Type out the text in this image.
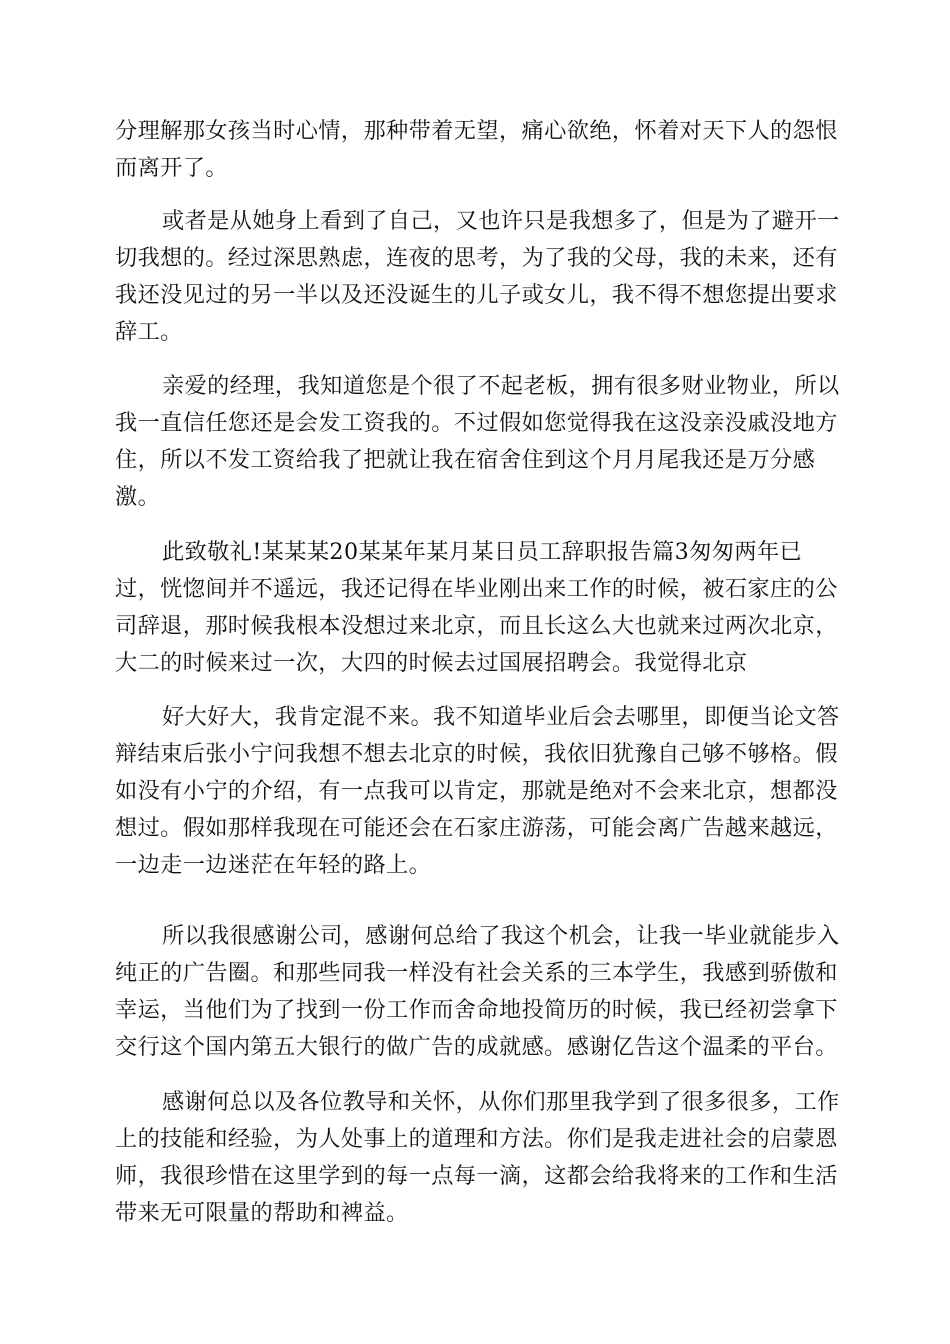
分理解那女孩当时心情，那种带着无望，痛心欲绝，怀着对天下人的怨恨
而离开了。

或者是从她身上看到了自己，又也许只是我想多了，但是为了避开一
切我想的。经过深思熟虑，连夜的思考，为了我的父母，我的未来，还有
我还没见过的另一半以及还没诞生的儿子或女儿，我不得不想您提出要求
辞工。

亲爱的经理，我知道您是个很了不起老板，拥有很多财业物业，所以
我一直信任您还是会发工资我的。不过假如您觉得我在这没亲没戚没地方
住，所以不发工资给我了把就让我在宿舍住到这个月月尾我还是万分感
激。

此致敬礼!某某某20某某年某月某日员工辞职报告篇3匆匆两年已
过，恍惚间并不遥远，我还记得在毕业刚出来工作的时候，被石家庄的公
司辞退，那时候我根本没想过来北京，而且长这么大也就来过两次北京，
大二的时候来过一次，大四的时候去过国展招聘会。我觉得北京

好大好大，我肯定混不来。我不知道毕业后会去哪里，即便当论文答
辩结束后张小宁问我想不想去北京的时候，我依旧犹豫自己够不够格。假
如没有小宁的介绍，有一点我可以肯定，那就是绝对不会来北京，想都没
想过。假如那样我现在可能还会在石家庄游荡，可能会离广告越来越远，
一边走一边迷茫在年轻的路上。

所以我很感谢公司，感谢何总给了我这个机会，让我一毕业就能步入
纯正的广告圈。和那些同我一样没有社会关系的三本学生，我感到骄傲和
幸运，当他们为了找到一份工作而舍命地投简历的时候，我已经初尝拿下
交行这个国内第五大银行的做广告的成就感。感谢亿告这个温柔的平台。

感谢何总以及各位教导和关怀，从你们那里我学到了很多很多，工作
上的技能和经验，为人处事上的道理和方法。你们是我走进社会的启蒙恩
师，我很珍惜在这里学到的每一点每一滴，这都会给我将来的工作和生活
带来无可限量的帮助和裨益。
